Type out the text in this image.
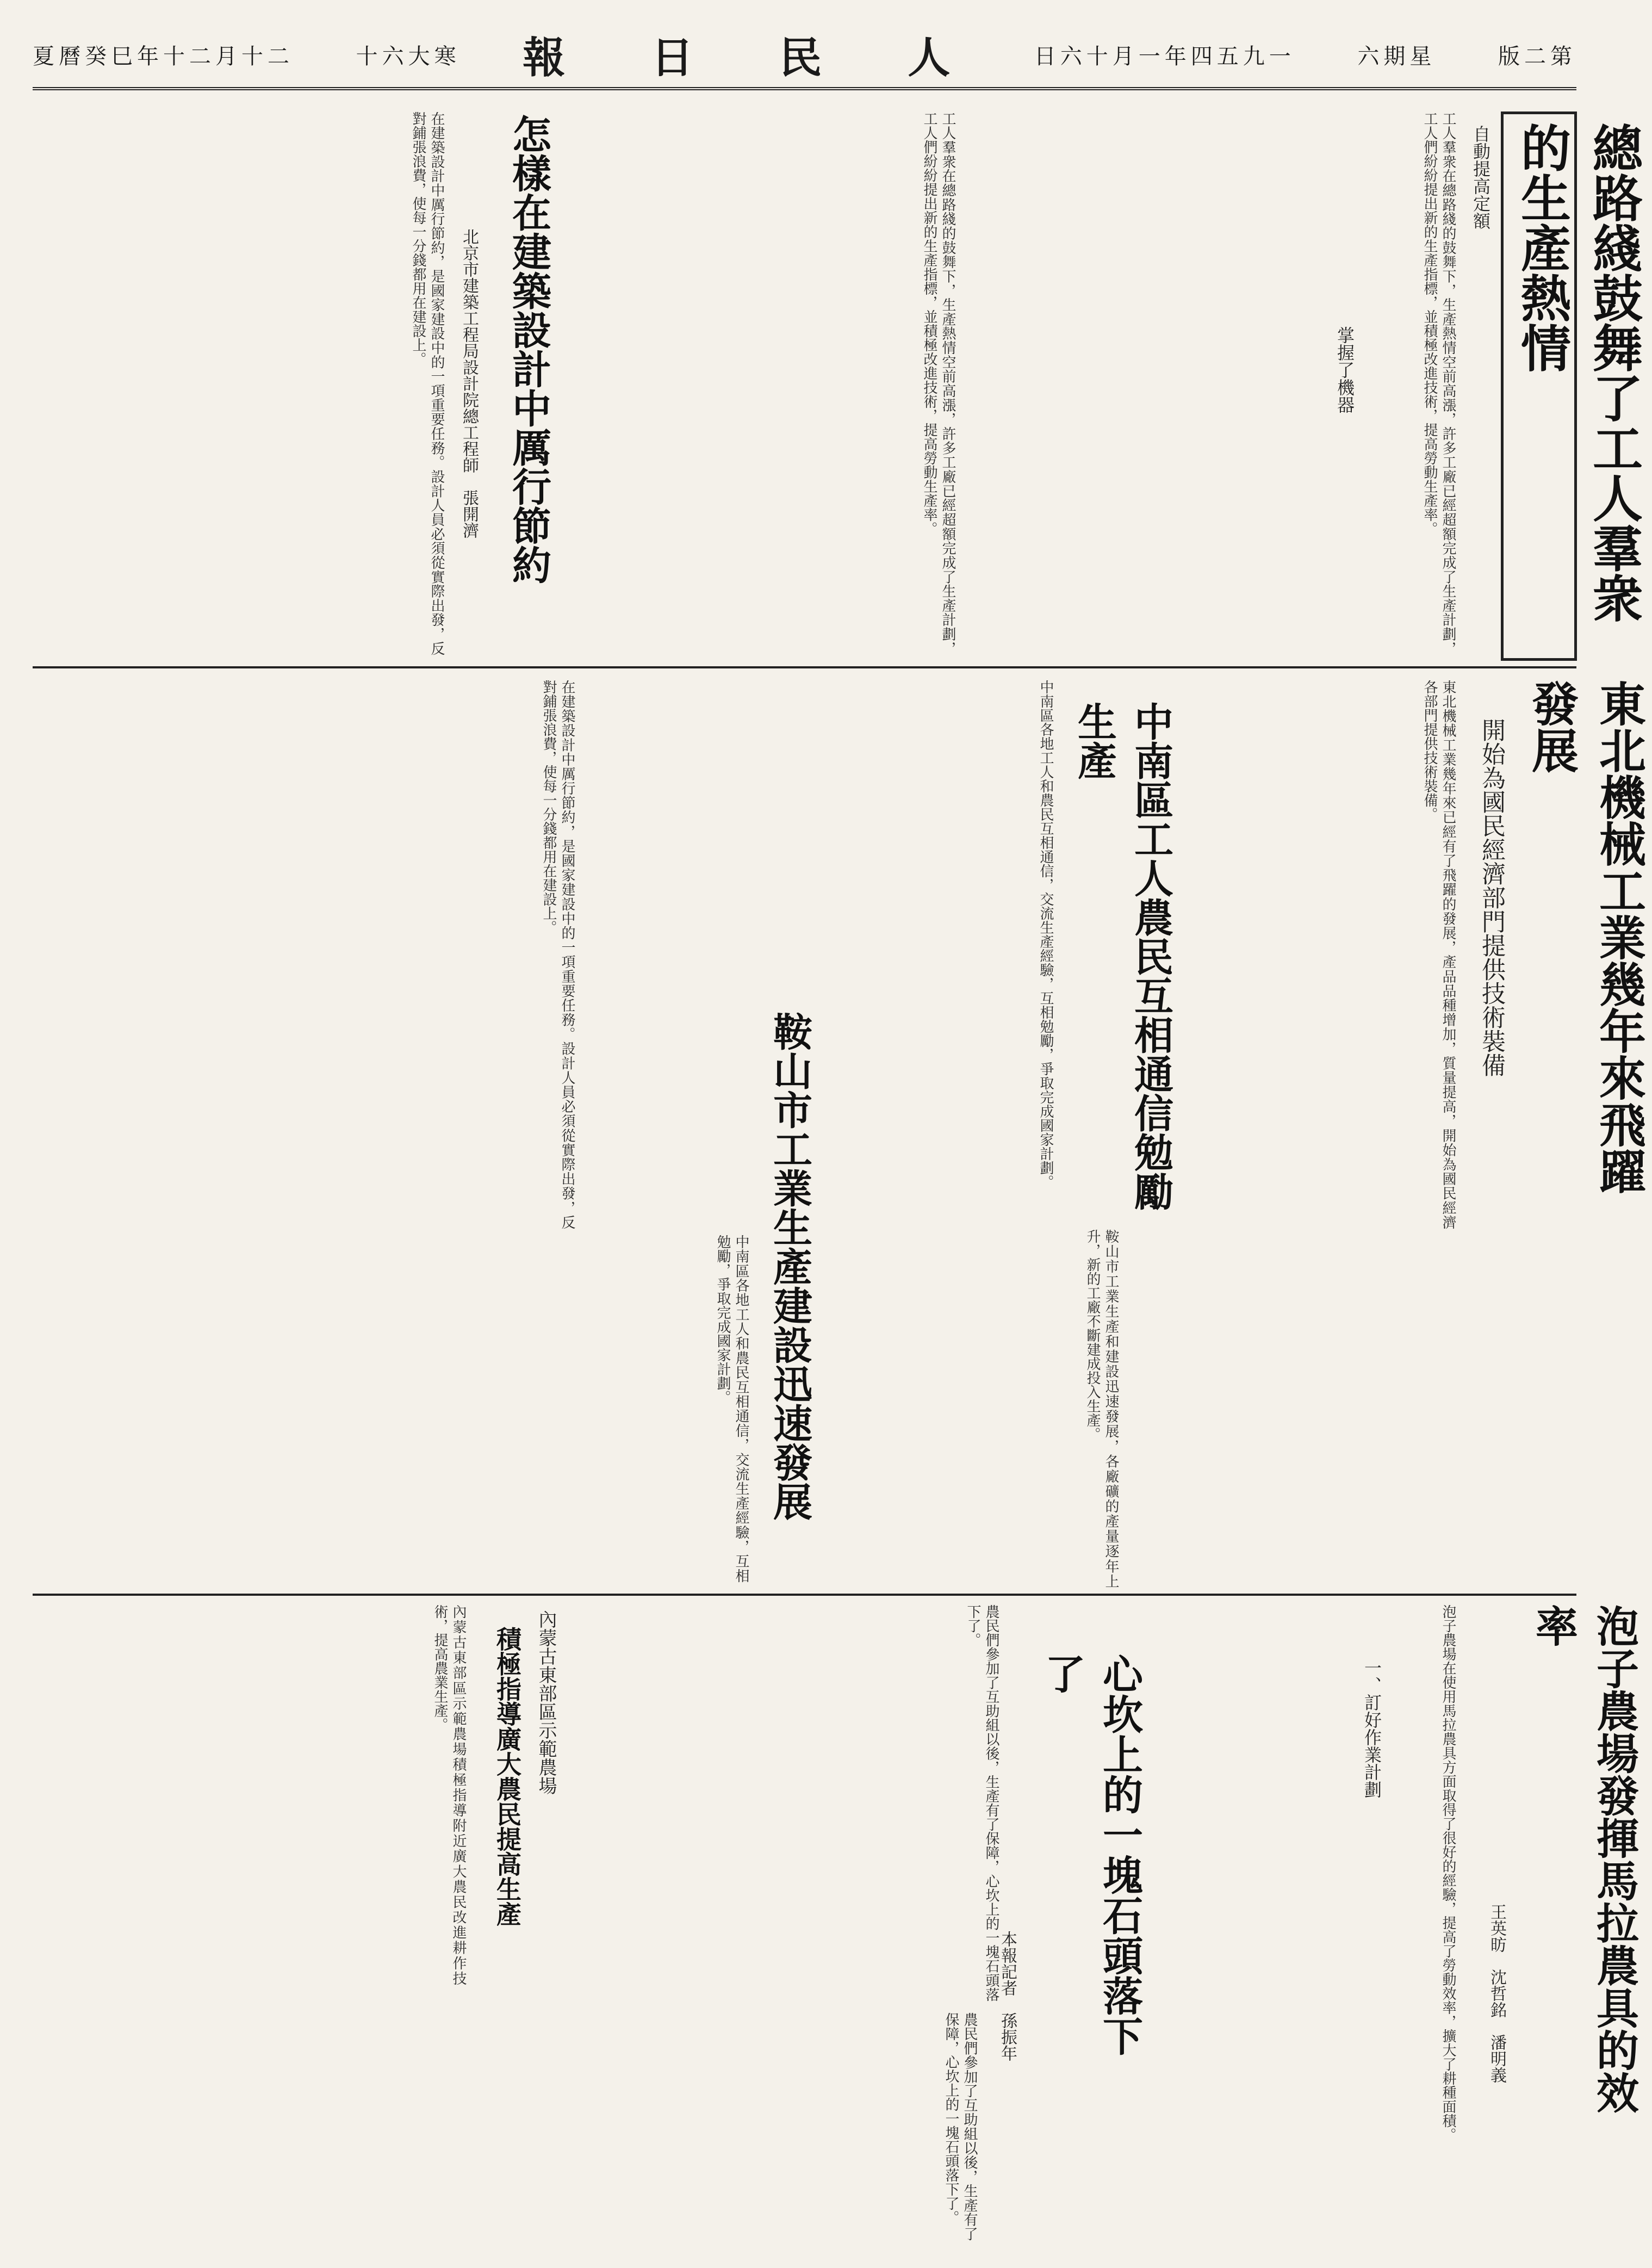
夏曆癸巳年十二月十二	十六大寒 報　日　民　人	日六十月一年四五九一	六期星	版二第
總路綫鼓舞了工人羣衆的生產熱情
自動提高定額
工人羣衆在總路綫的鼓舞下，生產熱情空前高漲，許多工廠已經超額完成了生產計劃，工人們紛紛提出新的生產指標，並積極改進技術，提高勞動生產率。
掌握了機器
工人羣衆在總路綫的鼓舞下，生產熱情空前高漲，許多工廠已經超額完成了生產計劃，工人們紛紛提出新的生產指標，並積極改進技術，提高勞動生產率。
怎樣在建築設計中厲行節約
北京市建築工程局設計院總工程師　張開濟
在建築設計中厲行節約，是國家建設中的一項重要任務。設計人員必須從實際出發，反對鋪張浪費，使每一分錢都用在建設上。
東北機械工業幾年來飛躍發展
開始為國民經濟部門提供技術裝備
東北機械工業幾年來已經有了飛躍的發展，產品品種增加，質量提高，開始為國民經濟各部門提供技術裝備。
中南區工人農民互相通信勉勵生產
中南區各地工人和農民互相通信，交流生產經驗，互相勉勵，爭取完成國家計劃。
鞍山市工業生產建設迅速發展	鞍山市工業生產和建設迅速發展，各廠礦的產量逐年上升，新的工廠不斷建成投入生產。
在建築設計中厲行節約，是國家建設中的一項重要任務。設計人員必須從實際出發，反對鋪張浪費，使每一分錢都用在建設上。
中南區各地工人和農民互相通信，交流生產經驗，互相勉勵，爭取完成國家計劃。
泡子農場發揮馬拉農具的效率
王英昉　沈哲銘　潘明義
一、訂好作業計劃	泡子農場在使用馬拉農具方面取得了很好的經驗，提高了勞動效率，擴大了耕種面積。
內蒙古東部區示範農場
積極指導廣大農民提高生產
內蒙古東部區示範農場積極指導附近廣大農民改進耕作技術，提高農業生產。	心坎上的一塊石頭落下了
本報記者　孫振年
農民們參加了互助組以後，生產有了保障，心坎上的一塊石頭落下了。
農民們參加了互助組以後，生產有了保障，心坎上的一塊石頭落下了。
